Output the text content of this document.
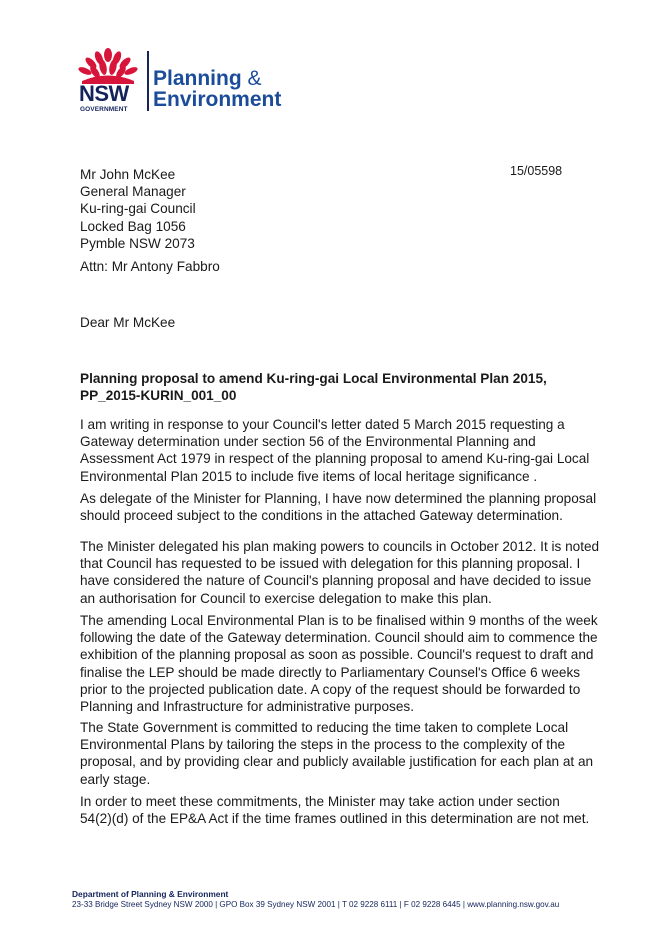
NSW
GOVERNMENT
Planning &
Environment
15/05598
Mr John McKee
General Manager
Ku-ring-gai Council
Locked Bag 1056
Pymble NSW 2073
Attn: Mr Antony Fabbro
Dear Mr McKee
Planning proposal to amend Ku-ring-gai Local Environmental Plan 2015,
PP_2015-KURIN_001_00
I am writing in response to your Council's letter dated 5 March 2015 requesting a
Gateway determination under section 56 of the Environmental Planning and
Assessment Act 1979 in respect of the planning proposal to amend Ku-ring-gai Local
Environmental Plan 2015 to include five items of local heritage significance .
As delegate of the Minister for Planning, I have now determined the planning proposal
should proceed subject to the conditions in the attached Gateway determination.
The Minister delegated his plan making powers to councils in October 2012. It is noted
that Council has requested to be issued with delegation for this planning proposal. I
have considered the nature of Council's planning proposal and have decided to issue
an authorisation for Council to exercise delegation to make this plan.
The amending Local Environmental Plan is to be finalised within 9 months of the week
following the date of the Gateway determination. Council should aim to commence the
exhibition of the planning proposal as soon as possible. Council's request to draft and
finalise the LEP should be made directly to Parliamentary Counsel's Office 6 weeks
prior to the projected publication date. A copy of the request should be forwarded to
Planning and Infrastructure for administrative purposes.
The State Government is committed to reducing the time taken to complete Local
Environmental Plans by tailoring the steps in the process to the complexity of the
proposal, and by providing clear and publicly available justification for each plan at an
early stage.
In order to meet these commitments, the Minister may take action under section
54(2)(d) of the EP&A Act if the time frames outlined in this determination are not met.
Department of Planning & Environment
23-33 Bridge Street Sydney NSW 2000 | GPO Box 39 Sydney NSW 2001 | T 02 9228 6111 | F 02 9228 6445 | www.planning.nsw.gov.au
